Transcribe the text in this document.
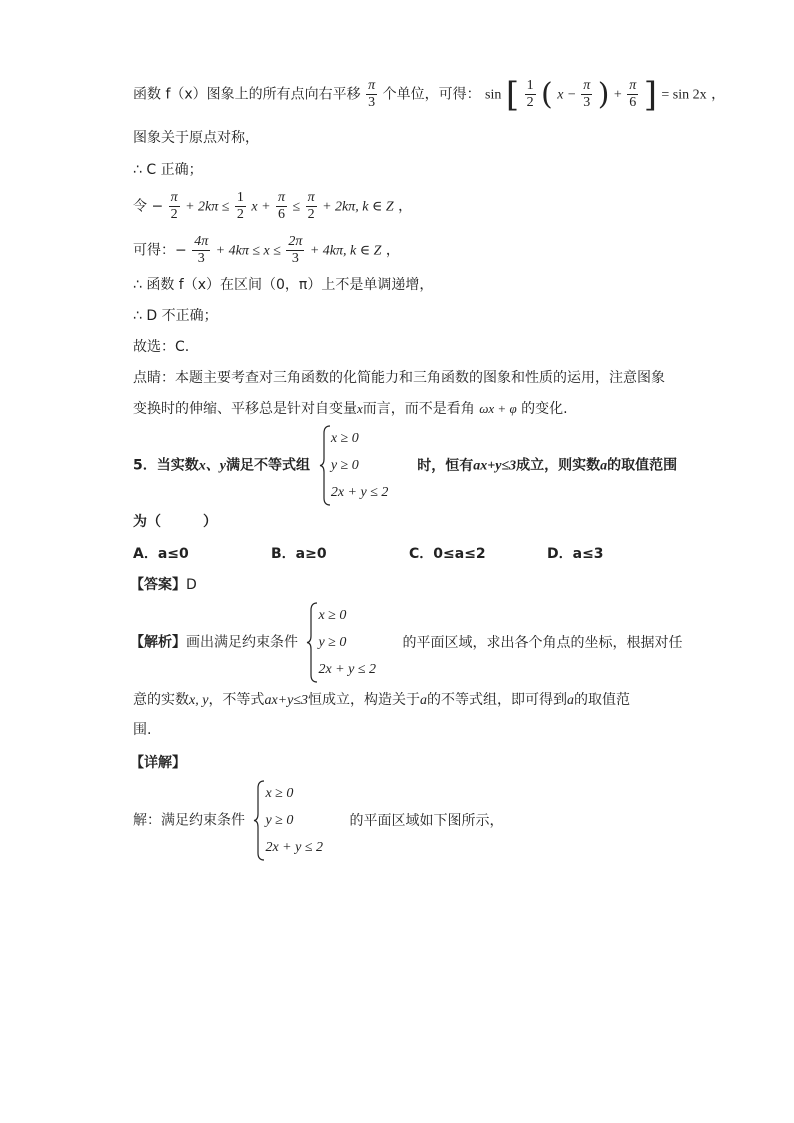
函数 f（x）图象上的所有点向右平移 $\frac{\pi}{3}$ 个单位，可得： sin [ $\frac{1}{2}$ ( $x - \frac{\pi}{3}$ ) + $\frac{\pi}{6}$ ] = sin 2x ，
图象关于原点对称，
∴ C 正确；
令 − $\frac{\pi}{2} + 2k\pi \le \frac{1}{2}$ $x + \frac{\pi}{6} \le \frac{\pi}{2} + 2k\pi$, k ∈ Z ，
可得：− $\frac{4\pi}{3} + 4k\pi \le x \le \frac{2\pi}{3} + 4k\pi$, k ∈ Z ，
∴ 函数 f（x）在区间（0，π）上不是单调递增，
∴ D 不正确；
故选：C.
点睛：本题主要考查对三角函数的化简能力和三角函数的图象和性质的运用，注意图象
变换时的伸缩、平移总是针对自变量x而言，而不是看角 ωx + φ 的变化.
5．当实数x、y满足不等式组
x ≥ 0
y ≥ 0
2x + y ≤ 2
时，恒有ax+y≤3成立，则实数a的取值范围
为（　　　）
A．a≤0	B．a≥0	C．0≤a≤2	D．a≤3
【答案】D
【解析】画出满足约束条件
x ≥ 0
y ≥ 0
2x + y ≤ 2
的平面区域，求出各个角点的坐标，根据对任
意的实数x, y，不等式ax+y≤3恒成立，构造关于a的不等式组，即可得到a的取值范
围.
【详解】
解：满足约束条件
x ≥ 0
y ≥ 0
2x + y ≤ 2
的平面区域如下图所示，
